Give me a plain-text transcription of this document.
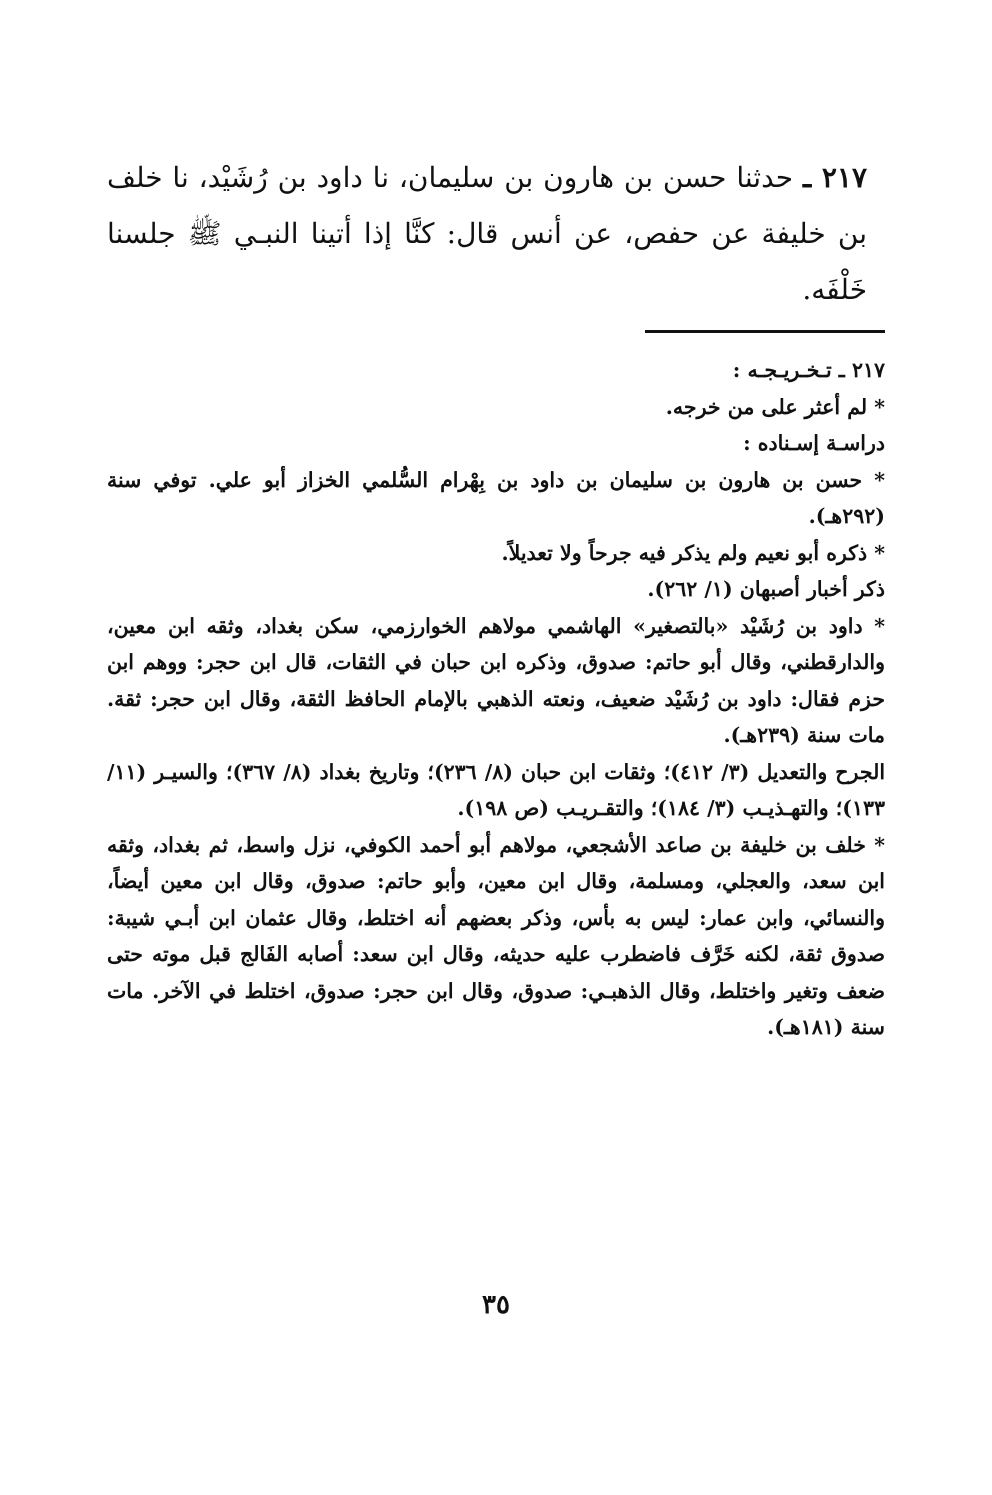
٢١٧ ـ حدثنا حسن بن هارون بن سليمان، نا داود بن رُشَيْد، نا خلف بن خليفة عن حفص، عن أنس قال: كنَّا إذا أتينا النبـي ﷺ جلسنا خَلْفَه.

٢١٧ ـ تـخـريـجـه :

* لم أعثر على من خرجه.

دراسـة إسـناده :

* حسن بن هارون بن سليمان بن داود بن بِهْرام السُّلمي الخزاز أبو علي. توفي سنة (٢٩٢هـ).

* ذكره أبو نعيم ولم يذكر فيه جرحاً ولا تعديلاً.

ذكر أخبار أصبهان (١/ ٢٦٢).

* داود بن رُشَيْد «بالتصغير» الهاشمي مولاهم الخوارزمي، سكن بغداد، وثقه ابن معين، والدارقطني، وقال أبو حاتم: صدوق، وذكره ابن حبان في الثقات، قال ابن حجر: ووهم ابن حزم فقال: داود بن رُشَيْد ضعيف، ونعته الذهبي بالإمام الحافظ الثقة، وقال ابن حجر: ثقة. مات سنة (٢٣٩هـ).

الجرح والتعديل (٣/ ٤١٢)؛ وثقات ابن حبان (٨/ ٢٣٦)؛ وتاريخ بغداد (٨/ ٣٦٧)؛ والسيـر (١١/ ١٣٣)؛ والتهـذيـب (٣/ ١٨٤)؛ والتقـريـب (ص ١٩٨).

* خلف بن خليفة بن صاعد الأشجعي، مولاهم أبو أحمد الكوفي، نزل واسط، ثم بغداد، وثقه ابن سعد، والعجلي، ومسلمة، وقال ابن معين، وأبو حاتم: صدوق، وقال ابن معين أيضاً، والنسائي، وابن عمار: ليس به بأس، وذكر بعضهم أنه اختلط، وقال عثمان ابن أبـي شيبة: صدوق ثقة، لكنه خَرَّف فاضطرب عليه حديثه، وقال ابن سعد: أصابه الفَالج قبل موته حتى ضعف وتغير واختلط، وقال الذهبـي: صدوق، وقال ابن حجر: صدوق، اختلط في الآخر. مات سنة (١٨١هـ).

٣٥
